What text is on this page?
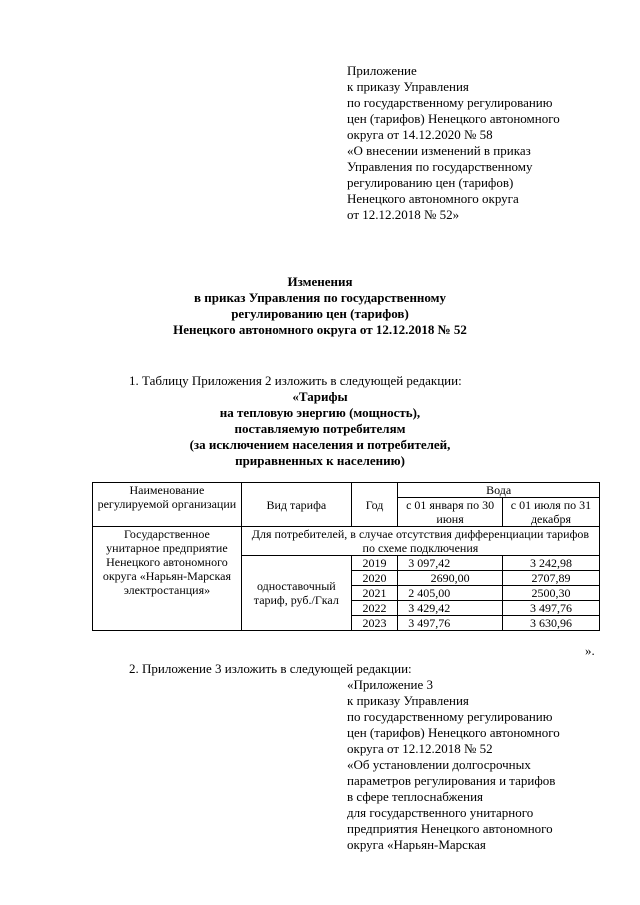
Приложение
к приказу Управления
по государственному регулированию
цен (тарифов) Ненецкого автономного
округа от 14.12.2020 № 58
«О внесении изменений в приказ
Управления по государственному
регулированию цен (тарифов)
Ненецкого автономного округа
от 12.12.2018 № 52»
Изменения
в приказ Управления по государственному
регулированию цен (тарифов)
Ненецкого автономного округа от 12.12.2018 № 52
1. Таблицу Приложения 2 изложить в следующей редакции:
«Тарифы
на тепловую энергию (мощность),
поставляемую потребителям
(за исключением населения и потребителей,
приравненных к населению)
Наименование регулируемой организации	Вид тарифа	Год	Вода	
			с 01 января по 30 июня	с 01 июля по 31 декабря
Государственное унитарное предприятие Ненецкого автономного округа «Нарьян-Марская электростанция»	Для потребителей, в случае отсутствия дифференциации тарифов по схеме подключения			
	одноставочный тариф, руб./Гкал	2019	3 097,42	3 242,98
		2020	2690,00	2707,89
		2021	2 405,00	2500,30
		2022	3 429,42	3 497,76
		2023	3 497,76	3 630,96
».
2. Приложение 3 изложить в следующей редакции:
«Приложение 3
к приказу Управления
по государственному регулированию
цен (тарифов) Ненецкого автономного
округа от 12.12.2018 № 52
«Об установлении долгосрочных
параметров регулирования и тарифов
в сфере теплоснабжения
для государственного унитарного
предприятия Ненецкого автономного
округа «Нарьян-Марская
